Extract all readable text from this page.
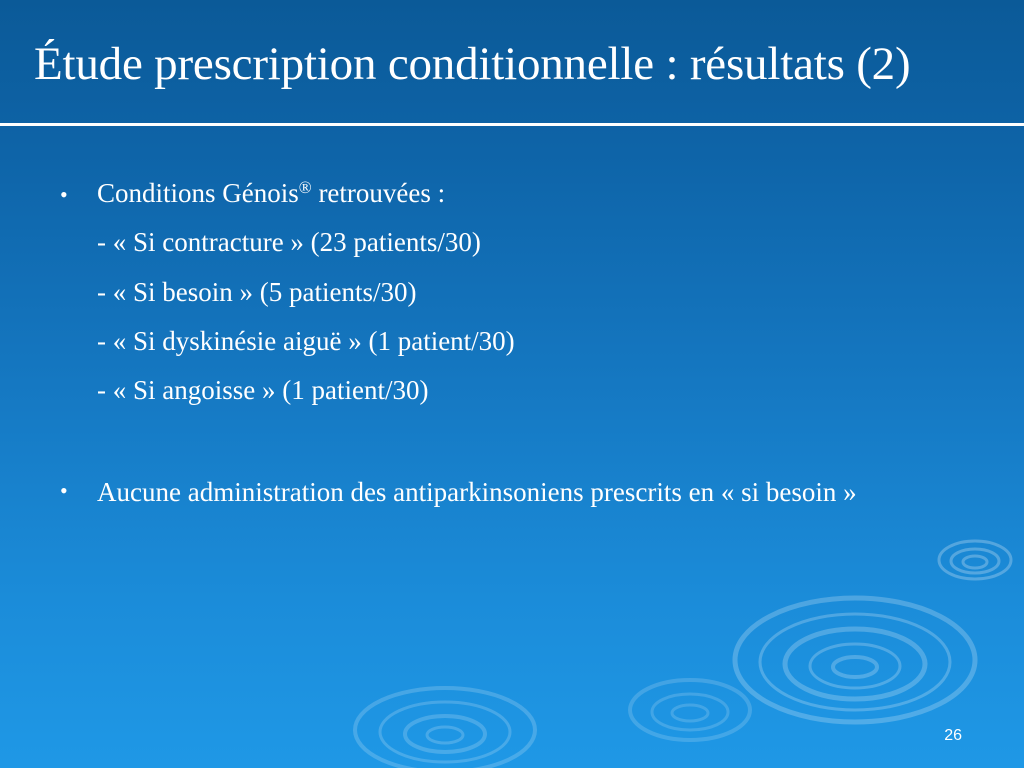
Étude prescription conditionnelle : résultats (2)
• Conditions Génois® retrouvées :
- « Si contracture » (23 patients/30)
- « Si besoin » (5 patients/30)
- « Si dyskinésie aiguë » (1 patient/30)
- « Si angoisse » (1 patient/30)
• Aucune administration des antiparkinsoniens prescrits en « si besoin »
26
